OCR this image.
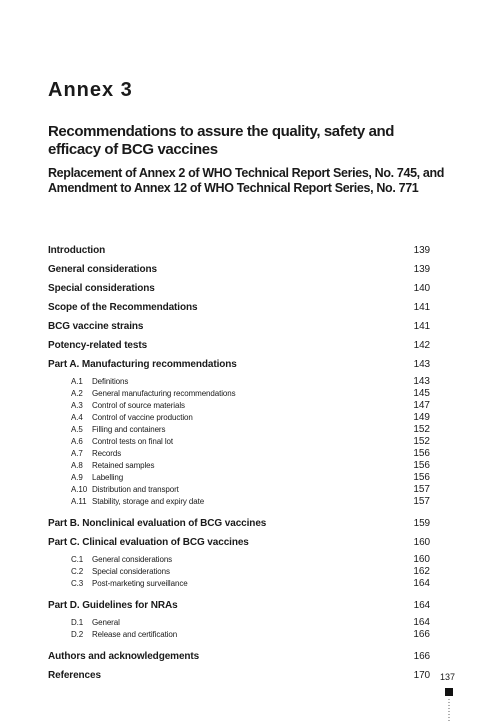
Annex 3
Recommendations to assure the quality, safety and efficacy of BCG vaccines
Replacement of Annex 2 of WHO Technical Report Series, No. 745, and Amendment to Annex 12 of WHO Technical Report Series, No. 771
Introduction	139
General considerations	139
Special considerations	140
Scope of the Recommendations	141
BCG vaccine strains	141
Potency-related tests	142
Part A. Manufacturing recommendations	143
A.1 Definitions	143
A.2 General manufacturing recommendations	145
A.3 Control of source materials	147
A.4 Control of vaccine production	149
A.5 Filling and containers	152
A.6 Control tests on final lot	152
A.7 Records	156
A.8 Retained samples	156
A.9 Labelling	156
A.10 Distribution and transport	157
A.11 Stability, storage and expiry date	157
Part B. Nonclinical evaluation of BCG vaccines	159
Part C. Clinical evaluation of BCG vaccines	160
C.1 General considerations	160
C.2 Special considerations	162
C.3 Post-marketing surveillance	164
Part D. Guidelines for NRAs	164
D.1 General	164
D.2 Release and certification	166
Authors and acknowledgements	166
References	170 137
